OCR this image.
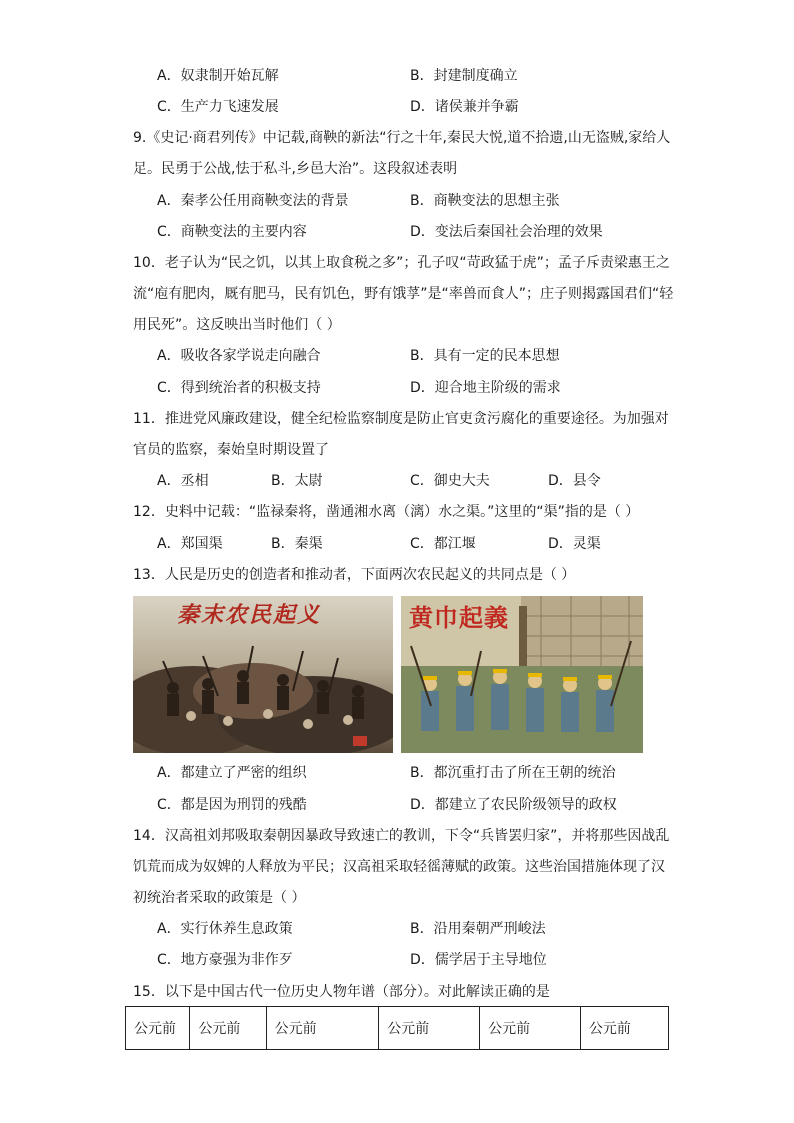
A．奴隶制开始瓦解	B．封建制度确立
C．生产力飞速发展	D．诸侯兼并争霸
9.《史记·商君列传》中记载,商鞅的新法“行之十年,秦民大悦,道不拾遗,山无盗贼,家给人
足。民勇于公战,怯于私斗,乡邑大治”。这段叙述表明
A．秦孝公任用商鞅变法的背景	B．商鞅变法的思想主张
C．商鞅变法的主要内容	D．变法后秦国社会治理的效果
10．老子认为“民之饥，以其上取食税之多”；孔子叹“苛政猛于虎”；孟子斥责梁惠王之
流“庖有肥肉，厩有肥马，民有饥色，野有饿莩”是“率兽而食人”；庄子则揭露国君们“轻
用民死”。这反映出当时他们（ ）
A．吸收各家学说走向融合	B．具有一定的民本思想
C．得到统治者的积极支持	D．迎合地主阶级的需求
11．推进党风廉政建设，健全纪检监察制度是防止官吏贪污腐化的重要途径。为加强对
官员的监察，秦始皇时期设置了
A．丞相	B．太尉	C．御史大夫	D．县令
12．史料中记载：“监禄秦将，凿通湘水离（漓）水之渠。”这里的“渠”指的是（ ）
A．郑国渠	B．秦渠	C．都江堰	D．灵渠
13．人民是历史的创造者和推动者，下面两次农民起义的共同点是（ ）
秦末农民起义	黄巾起義
A．都建立了严密的组织	B．都沉重打击了所在王朝的统治
C．都是因为刑罚的残酷	D．都建立了农民阶级领导的政权
14．汉高祖刘邦吸取秦朝因暴政导致速亡的教训，下令“兵皆罢归家”，并将那些因战乱
饥荒而成为奴婢的人释放为平民；汉高祖采取轻徭薄赋的政策。这些治国措施体现了汉
初统治者采取的政策是（ ）
A．实行休养生息政策	B．沿用秦朝严刑峻法
C．地方豪强为非作歹	D．儒学居于主导地位
15．以下是中国古代一位历史人物年谱（部分）。对此解读正确的是
公元前	公元前	公元前	公元前	公元前	公元前
